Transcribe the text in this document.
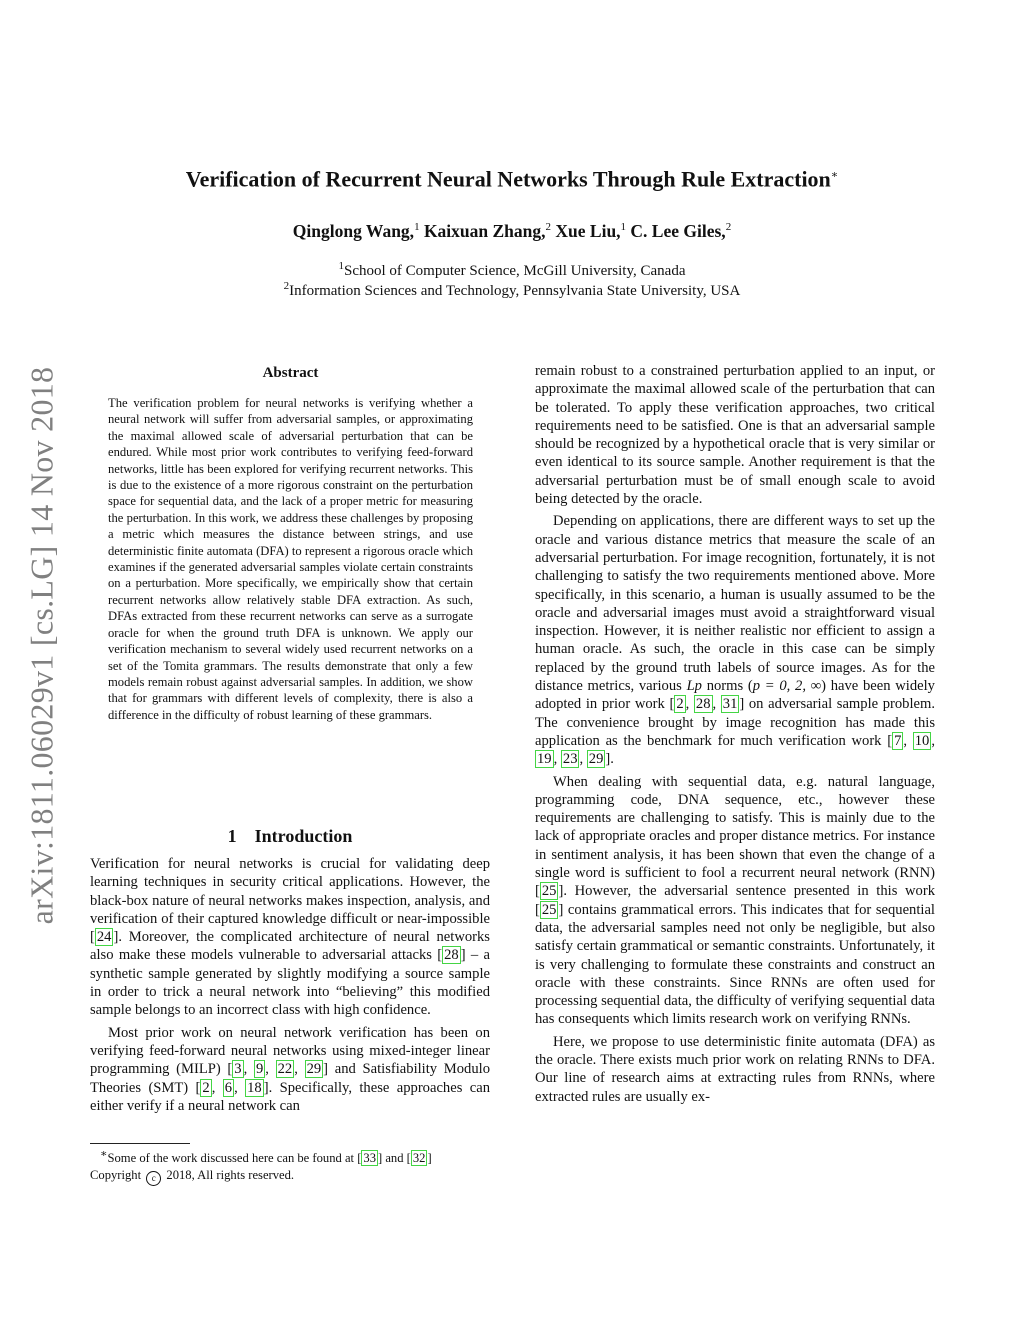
Verification of Recurrent Neural Networks Through Rule Extraction∗
Qinglong Wang,$^1$ Kaixuan Zhang,$^2$ Xue Liu,$^1$ C. Lee Giles,$^2$
$^1$School of Computer Science, McGill University, Canada
$^2$Information Sciences and Technology, Pennsylvania State University, USA
arXiv:1811.06029v1 [cs.LG] 14 Nov 2018	Abstract
The verification problem for neural networks is verifying whether a neural network will suffer from adversarial samples, or approximating the maximal allowed scale of adversarial perturbation that can be endured. While most prior work contributes to verifying feed-forward networks, little has been explored for verifying recurrent networks. This is due to the existence of a more rigorous constraint on the perturbation space for sequential data, and the lack of a proper metric for measuring the perturbation. In this work, we address these challenges by proposing a metric which measures the distance between strings, and use deterministic finite automata (DFA) to represent a rigorous oracle which examines if the generated adversarial samples violate certain constraints on a perturbation. More specifically, we empirically show that certain recurrent networks allow relatively stable DFA extraction. As such, DFAs extracted from these recurrent networks can serve as a surrogate oracle for when the ground truth DFA is unknown. We apply our verification mechanism to several widely used recurrent networks on a set of the Tomita grammars. The results demonstrate that only a few models remain robust against adversarial samples. In addition, we show that for grammars with different levels of complexity, there is also a difference in the difficulty of robust learning of these grammars.
1 Introduction

Verification for neural networks is crucial for validating deep learning techniques in security critical applications. However, the black-box nature of neural networks makes inspection, analysis, and verification of their captured knowledge difficult or near-impossible [ 24 ]. Moreover, the complicated architecture of neural networks also make these models vulnerable to adversarial attacks [ 28 ] – a synthetic sample generated by slightly modifying a source sample in order to trick a neural network into “believing” this modified sample belongs to an incorrect class with high confidence.

Most prior work on neural network verification has been on verifying feed-forward neural networks using mixed-integer linear programming (MILP) [ 3 , 9 , 22 , 29 ] and Satisfiability Modulo Theories (SMT) [ 2 , 6 , 18 ]. Specifically, these approaches can either verify if a neural network can

∗Some of the work discussed here can be found at [ 33 ] and [ 32 ]
Copyright c 2018, All rights reserved.

remain robust to a constrained perturbation applied to an input, or approximate the maximal allowed scale of the perturbation that can be tolerated. To apply these verification approaches, two critical requirements need to be satisfied. One is that an adversarial sample should be recognized by a hypothetical oracle that is very similar or even identical to its source sample. Another requirement is that the adversarial perturbation must be of small enough scale to avoid being detected by the oracle.

Depending on applications, there are different ways to set up the oracle and various distance metrics that measure the scale of an adversarial perturbation. For image recognition, fortunately, it is not challenging to satisfy the two requirements mentioned above. More specifically, in this scenario, a human is usually assumed to be the oracle and adversarial images must avoid a straightforward visual inspection. However, it is neither realistic nor efficient to assign a human oracle. As such, the oracle in this case can be simply replaced by the ground truth labels of source images. As for the distance metrics, various Lp norms (p = 0, 2, ∞) have been widely adopted in prior work [ 2 , 28 , 31 ] on adversarial sample problem. The convenience brought by image recognition has made this application as the benchmark for much verification work [ 7 , 10 , 19 , 23 , 29 ].

When dealing with sequential data, e.g. natural language, programming code, DNA sequence, etc., however these requirements are challenging to satisfy. This is mainly due to the lack of appropriate oracles and proper distance metrics. For instance in sentiment analysis, it has been shown that even the change of a single word is sufficient to fool a recurrent neural network (RNN) [ 25 ]. However, the adversarial sentence presented in this work [ 25 ] contains grammatical errors. This indicates that for sequential data, the adversarial samples need not only be negligible, but also satisfy certain grammatical or semantic constraints. Unfortunately, it is very challenging to formulate these constraints and construct an oracle with these constraints. Since RNNs are often used for processing sequential data, the difficulty of verifying sequential data has consequents which limits research work on verifying RNNs.

Here, we propose to use deterministic finite automata (DFA) as the oracle. There exists much prior work on relating RNNs to DFA. Our line of research aims at extracting rules from RNNs, where extracted rules are usually ex-
